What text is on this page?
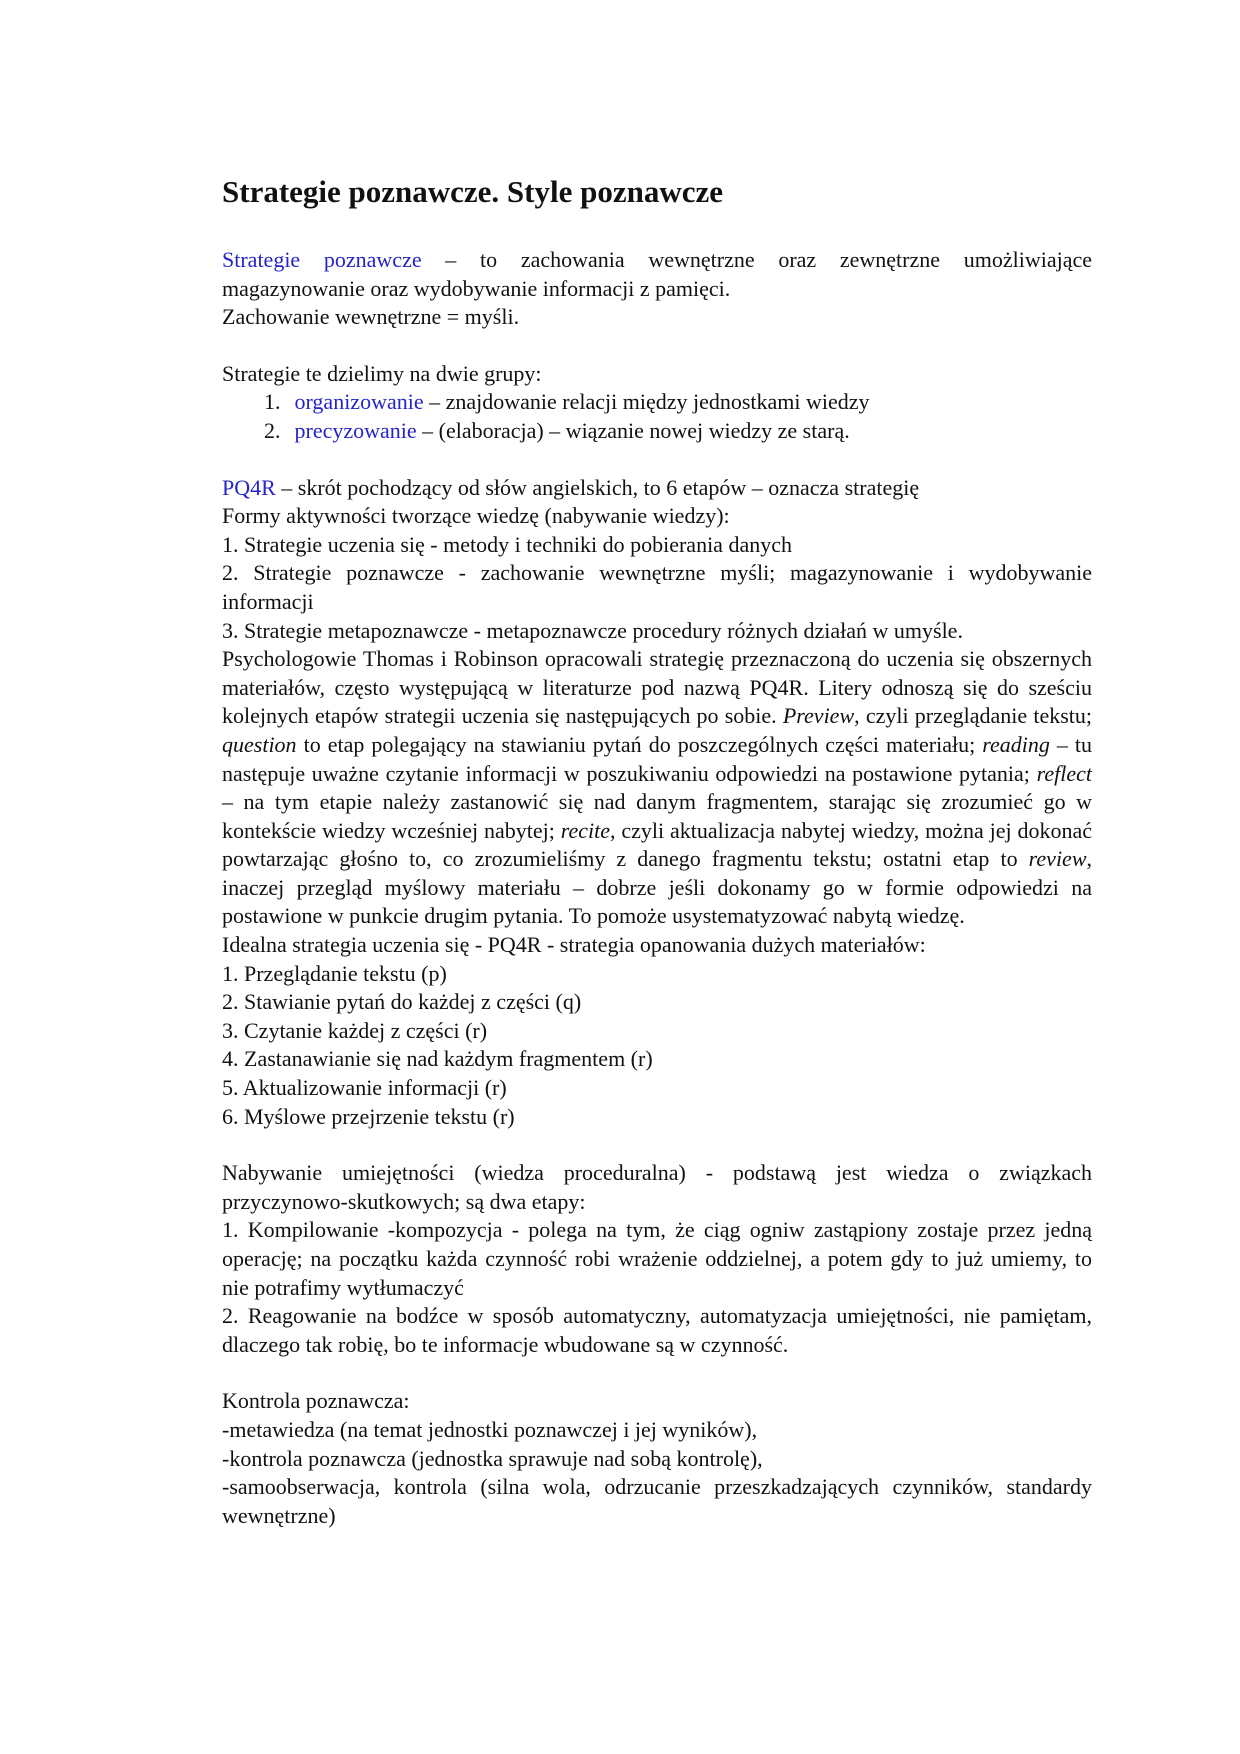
Strategie poznawcze. Style poznawcze

Strategie poznawcze – to zachowania wewnętrzne oraz zewnętrzne umożliwiające magazynowanie oraz wydobywanie informacji z pamięci.

Zachowanie wewnętrzne = myśli.

Strategie te dzielimy na dwie grupy:

1. organizowanie – znajdowanie relacji między jednostkami wiedzy

2. precyzowanie – (elaboracja) – wiązanie nowej wiedzy ze starą.

PQ4R – skrót pochodzący od słów angielskich, to 6 etapów – oznacza strategię

Formy aktywności tworzące wiedzę (nabywanie wiedzy):

1. Strategie uczenia się - metody i techniki do pobierania danych

2. Strategie poznawcze - zachowanie wewnętrzne myśli; magazynowanie i wydobywanie informacji

3. Strategie metapoznawcze - metapoznawcze procedury różnych działań w umyśle.

Psychologowie Thomas i Robinson opracowali strategię przeznaczoną do uczenia się obszernych materiałów, często występującą w literaturze pod nazwą PQ4R. Litery odnoszą się do sześciu kolejnych etapów strategii uczenia się następujących po sobie. Preview, czyli przeglądanie tekstu; question to etap polegający na stawianiu pytań do poszczególnych części materiału; reading – tu następuje uważne czytanie informacji w poszukiwaniu odpowiedzi na postawione pytania; reflect – na tym etapie należy zastanowić się nad danym fragmentem, starając się zrozumieć go w kontekście wiedzy wcześniej nabytej; recite, czyli aktualizacja nabytej wiedzy, można jej dokonać powtarzając głośno to, co zrozumieliśmy z danego fragmentu tekstu; ostatni etap to review, inaczej przegląd myślowy materiału – dobrze jeśli dokonamy go w formie odpowiedzi na postawione w punkcie drugim pytania. To pomoże usystematyzować nabytą wiedzę.

Idealna strategia uczenia się - PQ4R - strategia opanowania dużych materiałów:

1. Przeglądanie tekstu (p)

2. Stawianie pytań do każdej z części (q)

3. Czytanie każdej z części (r)

4. Zastanawianie się nad każdym fragmentem (r)

5. Aktualizowanie informacji (r)

6. Myślowe przejrzenie tekstu (r)

Nabywanie umiejętności (wiedza proceduralna) - podstawą jest wiedza o związkach przyczynowo-skutkowych; są dwa etapy:

1. Kompilowanie -kompozycja - polega na tym, że ciąg ogniw zastąpiony zostaje przez jedną operację; na początku każda czynność robi wrażenie oddzielnej, a potem gdy to już umiemy, to nie potrafimy wytłumaczyć

2. Reagowanie na bodźce w sposób automatyczny, automatyzacja umiejętności, nie pamiętam, dlaczego tak robię, bo te informacje wbudowane są w czynność.

Kontrola poznawcza:

-metawiedza (na temat jednostki poznawczej i jej wyników),

-kontrola poznawcza (jednostka sprawuje nad sobą kontrolę),

-samoobserwacja, kontrola (silna wola, odrzucanie przeszkadzających czynników, standardy wewnętrzne)
